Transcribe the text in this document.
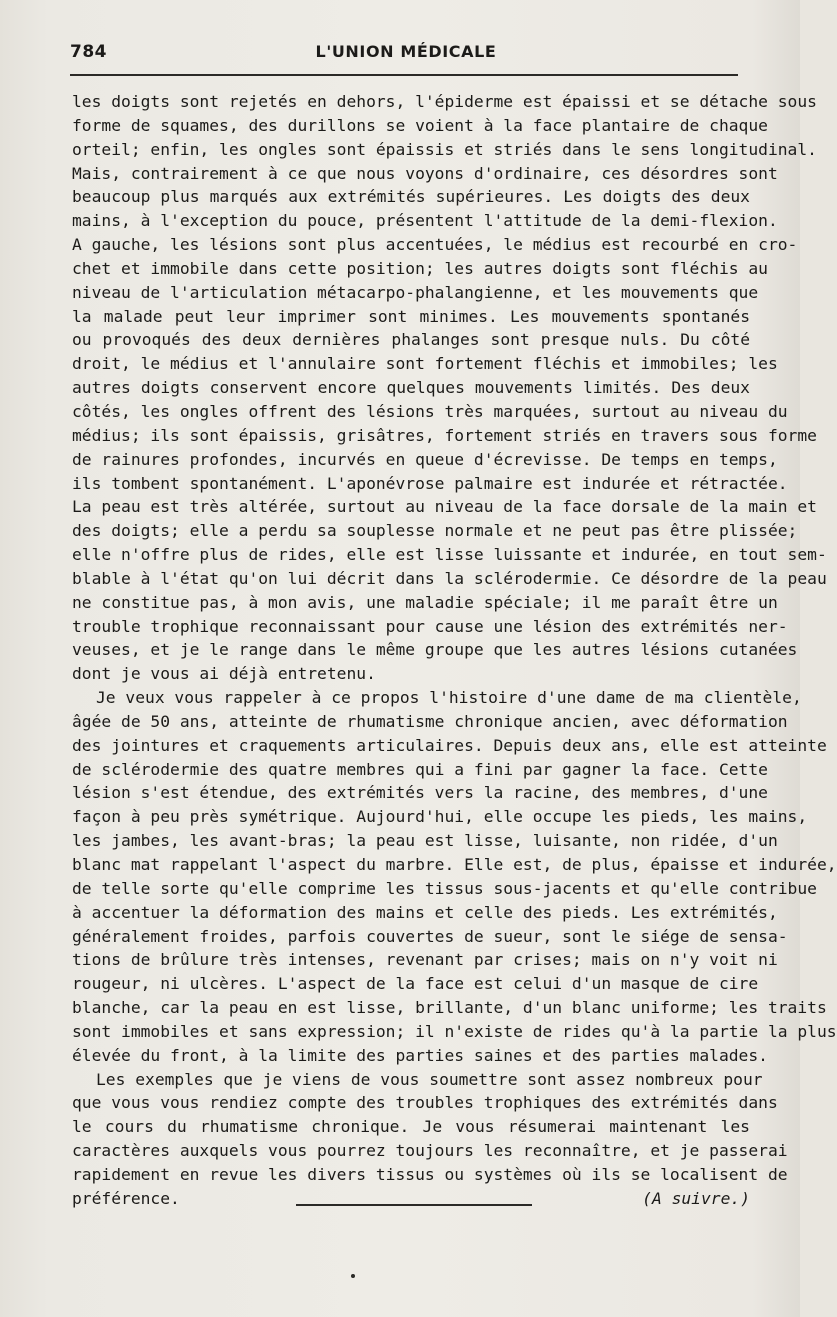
784	L'UNION MÉDICALE
les doigts sont rejetés en dehors, l'épiderme est épaissi et se détache sous
forme de squames, des durillons se voient à la face plantaire de chaque
orteil; enfin, les ongles sont épaissis et striés dans le sens longitudinal.
Mais, contrairement à ce que nous voyons d'ordinaire, ces désordres sont
beaucoup plus marqués aux extrémités supérieures. Les doigts des deux
mains, à l'exception du pouce, présentent l'attitude de la demi-flexion.
A gauche, les lésions sont plus accentuées, le médius est recourbé en cro-
chet et immobile dans cette position; les autres doigts sont fléchis au
niveau de l'articulation métacarpo-phalangienne, et les mouvements que
la malade peut leur imprimer sont minimes. Les mouvements spontanés
ou provoqués des deux dernières phalanges sont presque nuls. Du côté
droit, le médius et l'annulaire sont fortement fléchis et immobiles; les
autres doigts conservent encore quelques mouvements limités. Des deux
côtés, les ongles offrent des lésions très marquées, surtout au niveau du
médius; ils sont épaissis, grisâtres, fortement striés en travers sous forme
de rainures profondes, incurvés en queue d'écrevisse. De temps en temps,
ils tombent spontanément. L'aponévrose palmaire est indurée et rétractée.
La peau est très altérée, surtout au niveau de la face dorsale de la main et
des doigts; elle a perdu sa souplesse normale et ne peut pas être plissée;
elle n'offre plus de rides, elle est lisse luissante et indurée, en tout sem-
blable à l'état qu'on lui décrit dans la sclérodermie. Ce désordre de la peau
ne constitue pas, à mon avis, une maladie spéciale; il me paraît être un
trouble trophique reconnaissant pour cause une lésion des extrémités ner-
veuses, et je le range dans le même groupe que les autres lésions cutanées
dont je vous ai déjà entretenu.
Je veux vous rappeler à ce propos l'histoire d'une dame de ma clientèle,
âgée de 50 ans, atteinte de rhumatisme chronique ancien, avec déformation
des jointures et craquements articulaires. Depuis deux ans, elle est atteinte
de sclérodermie des quatre membres qui a fini par gagner la face. Cette
lésion s'est étendue, des extrémités vers la racine, des membres, d'une
façon à peu près symétrique. Aujourd'hui, elle occupe les pieds, les mains,
les jambes, les avant-bras; la peau est lisse, luisante, non ridée, d'un
blanc mat rappelant l'aspect du marbre. Elle est, de plus, épaisse et indurée,
de telle sorte qu'elle comprime les tissus sous-jacents et qu'elle contribue
à accentuer la déformation des mains et celle des pieds. Les extrémités,
généralement froides, parfois couvertes de sueur, sont le siége de sensa-
tions de brûlure très intenses, revenant par crises; mais on n'y voit ni
rougeur, ni ulcères. L'aspect de la face est celui d'un masque de cire
blanche, car la peau en est lisse, brillante, d'un blanc uniforme; les traits
sont immobiles et sans expression; il n'existe de rides qu'à la partie la plus
élevée du front, à la limite des parties saines et des parties malades.
Les exemples que je viens de vous soumettre sont assez nombreux pour
que vous vous rendiez compte des troubles trophiques des extrémités dans
le cours du rhumatisme chronique. Je vous résumerai maintenant les
caractères auxquels vous pourrez toujours les reconnaître, et je passerai
rapidement en revue les divers tissus ou systèmes où ils se localisent de
préférence.	(A suivre.)
